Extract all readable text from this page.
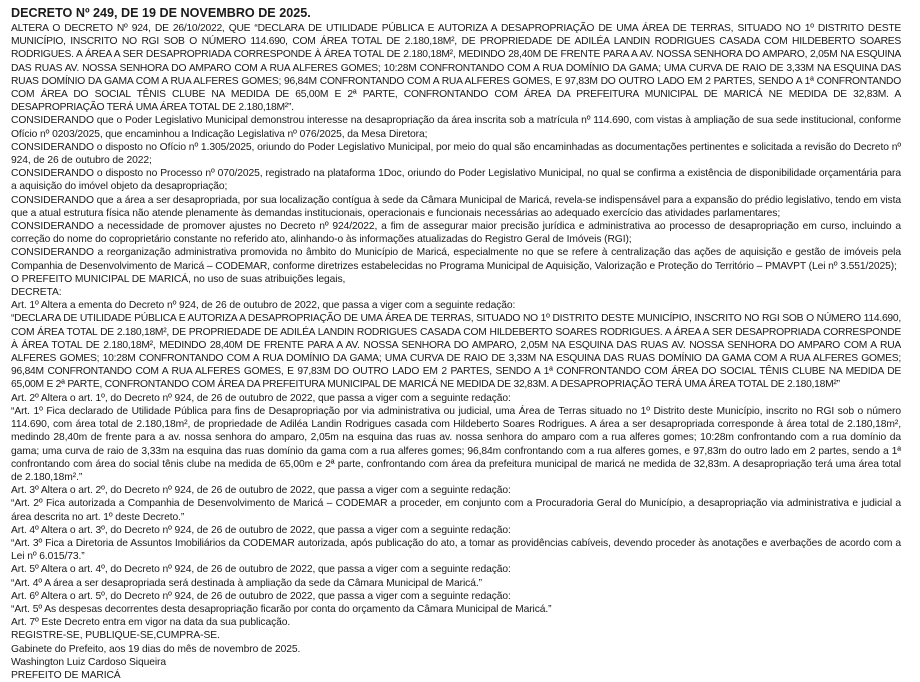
DECRETO Nº 249, DE 19 DE NOVEMBRO DE 2025.

ALTERA O DECRETO Nº 924, DE 26/10/2022, QUE “DECLARA DE UTILIDADE PÚBLICA E AUTORIZA A DESAPROPRIAÇÃO DE UMA ÁREA DE TERRAS, SITUADO NO 1º DISTRITO DESTE MUNICÍPIO, INSCRITO NO RGI SOB O NÚMERO 114.690, COM ÁREA TOTAL DE 2.180,18M², DE PROPRIEDADE DE ADILÉA LANDIN RODRIGUES CASADA COM HILDEBERTO SOARES RODRIGUES. A ÁREA A SER DESAPROPRIADA CORRESPONDE À ÁREA TOTAL DE 2.180,18M², MEDINDO 28,40M DE FRENTE PARA A AV. NOSSA SENHORA DO AMPARO, 2,05M NA ESQUINA DAS RUAS AV. NOSSA SENHORA DO AMPARO COM A RUA ALFERES GOMES; 10:28M CONFRONTANDO COM A RUA DOMÍNIO DA GAMA; UMA CURVA DE RAIO DE 3,33M NA ESQUINA DAS RUAS DOMÍNIO DA GAMA COM A RUA ALFERES GOMES; 96,84M CONFRONTANDO COM A RUA ALFERES GOMES, E 97,83M DO OUTRO LADO EM 2 PARTES, SENDO A 1ª CONFRONTANDO COM ÁREA DO SOCIAL TÊNIS CLUBE NA MEDIDA DE 65,00M E 2ª PARTE, CONFRONTANDO COM ÁREA DA PREFEITURA MUNICIPAL DE MARICÁ NE MEDIDA DE 32,83M. A DESAPROPRIAÇÃO TERÁ UMA ÁREA TOTAL DE 2.180,18M²”.

CONSIDERANDO que o Poder Legislativo Municipal demonstrou interesse na desapropriação da área inscrita sob a matrícula nº 114.690, com vistas à ampliação de sua sede institucional, conforme Ofício nº 0203/2025, que encaminhou a Indicação Legislativa nº 076/2025, da Mesa Diretora;

CONSIDERANDO o disposto no Ofício nº 1.305/2025, oriundo do Poder Legislativo Municipal, por meio do qual são encaminhadas as documentações pertinentes e solicitada a revisão do Decreto nº 924, de 26 de outubro de 2022;

CONSIDERANDO o disposto no Processo nº 070/2025, registrado na plataforma 1Doc, oriundo do Poder Legislativo Municipal, no qual se confirma a existência de disponibilidade orçamentária para a aquisição do imóvel objeto da desapropriação;

CONSIDERANDO que a área a ser desapropriada, por sua localização contígua à sede da Câmara Municipal de Maricá, revela-se indispensável para a expansão do prédio legislativo, tendo em vista que a atual estrutura física não atende plenamente às demandas institucionais, operacionais e funcionais necessárias ao adequado exercício das atividades parlamentares;

CONSIDERANDO a necessidade de promover ajustes no Decreto nº 924/2022, a fim de assegurar maior precisão jurídica e administrativa ao processo de desapropriação em curso, incluindo a correção do nome do coproprietário constante no referido ato, alinhando-o às informações atualizadas do Registro Geral de Imóveis (RGI);

CONSIDERANDO a reorganização administrativa promovida no âmbito do Município de Maricá, especialmente no que se refere à centralização das ações de aquisição e gestão de imóveis pela Companhia de Desenvolvimento de Maricá – CODEMAR, conforme diretrizes estabelecidas no Programa Municipal de Aquisição, Valorização e Proteção do Território – PMAVPT (Lei nº 3.551/2025);

O PREFEITO MUNICIPAL DE MARICÁ, no uso de suas atribuições legais,

DECRETA:

Art. 1º Altera a ementa do Decreto nº 924, de 26 de outubro de 2022, que passa a viger com a seguinte redação:

“DECLARA DE UTILIDADE PÚBLICA E AUTORIZA A DESAPROPRIAÇÃO DE UMA ÁREA DE TERRAS, SITUADO NO 1º DISTRITO DESTE MUNICÍPIO, INSCRITO NO RGI SOB O NÚMERO 114.690, COM ÁREA TOTAL DE 2.180,18M², DE PROPRIEDADE DE ADILÉA LANDIN RODRIGUES CASADA COM HILDEBERTO SOARES RODRIGUES. A ÁREA A SER DESAPROPRIADA CORRESPONDE À ÁREA TOTAL DE 2.180,18M², MEDINDO 28,40M DE FRENTE PARA A AV. NOSSA SENHORA DO AMPARO, 2,05M NA ESQUINA DAS RUAS AV. NOSSA SENHORA DO AMPARO COM A RUA ALFERES GOMES; 10:28M CONFRONTANDO COM A RUA DOMÍNIO DA GAMA; UMA CURVA DE RAIO DE 3,33M NA ESQUINA DAS RUAS DOMÍNIO DA GAMA COM A RUA ALFERES GOMES; 96,84M CONFRONTANDO COM A RUA ALFERES GOMES, E 97,83M DO OUTRO LADO EM 2 PARTES, SENDO A 1ª CONFRONTANDO COM ÁREA DO SOCIAL TÊNIS CLUBE NA MEDIDA DE 65,00M E 2ª PARTE, CONFRONTANDO COM ÁREA DA PREFEITURA MUNICIPAL DE MARICÁ NE MEDIDA DE 32,83M. A DESAPROPRIAÇÃO TERÁ UMA ÁREA TOTAL DE 2.180,18M²”

Art. 2º Altera o art. 1º, do Decreto nº 924, de 26 de outubro de 2022, que passa a viger com a seguinte redação:

“Art. 1º Fica declarado de Utilidade Pública para fins de Desapropriação por via administrativa ou judicial, uma Área de Terras situado no 1º Distrito deste Município, inscrito no RGI sob o número 114.690, com área total de 2.180,18m², de propriedade de Adiléa Landin Rodrigues casada com Hildeberto Soares Rodrigues. A área a ser desapropriada corresponde à área total de 2.180,18m², medindo 28,40m de frente para a av. nossa senhora do amparo, 2,05m na esquina das ruas av. nossa senhora do amparo com a rua alferes gomes; 10:28m confrontando com a rua domínio da gama; uma curva de raio de 3,33m na esquina das ruas domínio da gama com a rua alferes gomes; 96,84m confrontando com a rua alferes gomes, e 97,83m do outro lado em 2 partes, sendo a 1ª confrontando com área do social tênis clube na medida de 65,00m e 2ª parte, confrontando com área da prefeitura municipal de maricá ne medida de 32,83m. A desapropriação terá uma área total de 2.180,18m².”

Art. 3º Altera o art. 2º, do Decreto nº 924, de 26 de outubro de 2022, que passa a viger com a seguinte redação:

“Art. 2º Fica autorizada a Companhia de Desenvolvimento de Maricá – CODEMAR a proceder, em conjunto com a Procuradoria Geral do Município, a desapropriação via administrativa e judicial a área descrita no art. 1º deste Decreto.”

Art. 4º Altera o art. 3º, do Decreto nº 924, de 26 de outubro de 2022, que passa a viger com a seguinte redação:

“Art. 3º Fica a Diretoria de Assuntos Imobiliários da CODEMAR autorizada, após publicação do ato, a tomar as providências cabíveis, devendo proceder às anotações e averbações de acordo com a Lei nº 6.015/73.”

Art. 5º Altera o art. 4º, do Decreto nº 924, de 26 de outubro de 2022, que passa a viger com a seguinte redação:

“Art. 4º A área a ser desapropriada será destinada à ampliação da sede da Câmara Municipal de Maricá.”

Art. 6º Altera o art. 5º, do Decreto nº 924, de 26 de outubro de 2022, que passa a viger com a seguinte redação:

“Art. 5º As despesas decorrentes desta desapropriação ficarão por conta do orçamento da Câmara Municipal de Maricá.”

Art. 7º Este Decreto entra em vigor na data da sua publicação.

REGISTRE-SE, PUBLIQUE-SE,CUMPRA-SE.

Gabinete do Prefeito, aos 19 dias do mês de novembro de 2025.

Washington Luiz Cardoso Siqueira

PREFEITO DE MARICÁ
